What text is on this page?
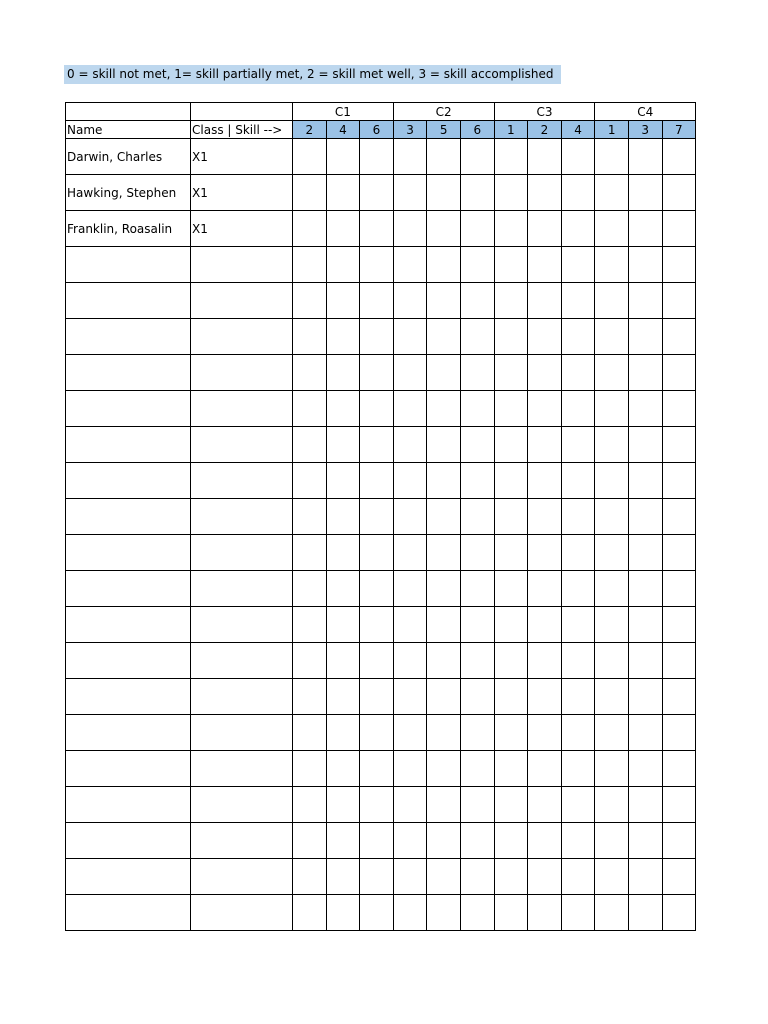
0 = skill not met, 1= skill partially met, 2 = skill met well, 3 = skill accomplished
		C1			C2			C3			C4		
Name	Class | Skill -->	2	4	6	3	5	6	1	2	4	1	3	7
Darwin, Charles	X1												
Hawking, Stephen	X1												
Franklin, Roasalin	X1												
